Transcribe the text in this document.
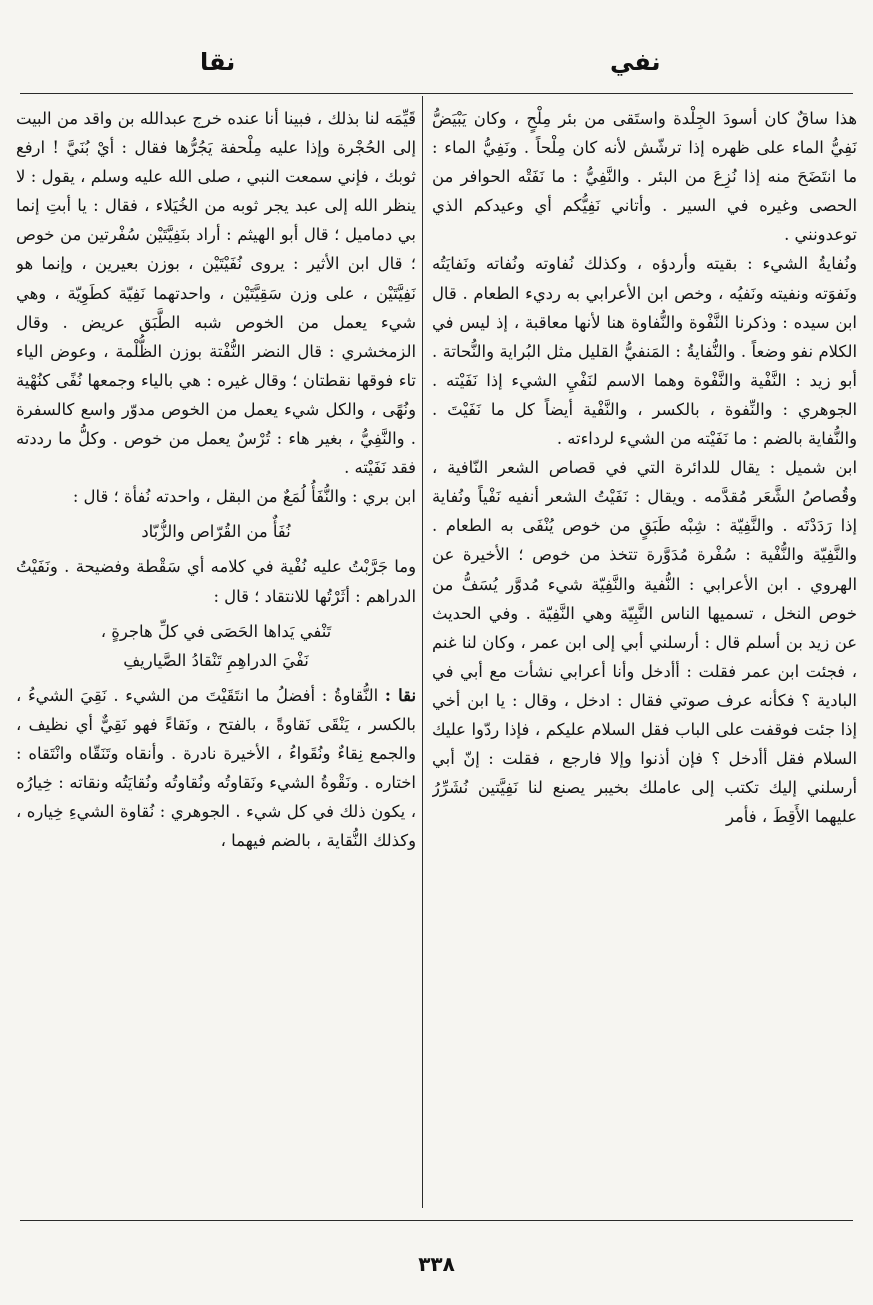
نفي
نقا

هذا ساقٌ كان أسودَ الجِلْدة واستَقى من بئر مِلْحٍ ، وكان يَبْيَضُّ نَفِيُّ الماء على ظهره إذا ترشّش لأنه كان مِلْحاً . ونَفِيُّ الماء : ما انتَضَحَ منه إذا نُزِعَ من البئر . والنَّفِيُّ : ما نَفَتْه الحوافر من الحصى وغيره في السير . وأتاني نَفِيُّكم أي وعيدكم الذي توعدونني .

ونُفايةُ الشيء : بقيته وأردؤه ، وكذلك نُفاوته ونُفاته ونَفايَتُه ونَفوَته ونفيته ونَفيُه ، وخص ابن الأعرابي به رديء الطعام . قال ابن سيده : وذكرنا النَّفْوة والنُّفاوة هنا لأنها معاقبة ، إذ ليس في الكلام نفو وضعاً . والنُّفايةُ : المَنفيُّ القليل مثل البُراية والنُّحاتة . أبو زيد : النَّفْية والنَّفْوة وهما الاسم لنَفْيِ الشيء إذا نَفَيْته . الجوهري : والنِّفوة ، بالكسر ، والنَّفْية أيضاً كل ما نَفَيْتَ . والنُّفاية بالضم : ما نَفَيْته من الشيء لرداءته .

ابن شميل : يقال للدائرة التي في قصاص الشعر النّافية ، وقُصاصُ الشَّعَر مُقدَّمه . ويقال : نَفَيْتُ الشعر أنفيه نَفْياً ونُفاية إذا رَدَدْتَه . والنَّفِيّة : شِبْه طَبَقٍ من خوص يُنْفَى به الطعام . والنَّفِيّة والنُّفْية : سُفْرة مُدَوَّرة تتخذ من خوص ؛ الأخيرة عن الهروي . ابن الأعرابي : النُّفية والنَّفِيّة شيء مُدوَّر يُسَفُّ من خوص النخل ، تسميها الناس النَّبِيّة وهي النَّفِيّة . وفي الحديث عن زيد بن أسلم قال : أرسلني أبي إلى ابن عمر ، وكان لنا غنم ، فجئت ابن عمر فقلت : أأدخل وأنا أعرابي نشأت مع أبي في البادية ؟ فكأنه عرف صوتي فقال : ادخل ، وقال : يا ابن أخي إذا جئت فوقفت على الباب فقل السلام عليكم ، فإذا ردّوا عليك السلام فقل أأدخل ؟ فإن أذنوا وإلا فارجع ، فقلت : إنّ أبي أرسلني إليك تكتب إلى عاملك بخيبر يصنع لنا نَفِيَّتين نُشَرِّرُ عليهما الأَقِطَ ، فأمر

قَيِّمَه لنا بذلك ، فبينا أنا عنده خرج عبدالله بن واقد من البيت إلى الحُجْرة وإذا عليه مِلْحفة يَجُرُّها فقال : أيْ بُنَيَّ ! ارفع ثوبك ، فإني سمعت النبي ، صلى الله عليه وسلم ، يقول : لا ينظر الله إلى عبد يجر ثوبه من الخُيَلاء ، فقال : يا أبتِ إنما بي دماميل ؛ قال أبو الهيثم : أراد بنَفِيَّتَيْن سُفْرتين من خوص ؛ قال ابن الأثير : يروى نُفَيْتَيْن ، بوزن بعيرين ، وإنما هو نَفِيَّتَيْن ، على وزن سَقِيَّتَيْن ، واحدتهما نَفِيّة كطَوِيّة ، وهي شيء يعمل من الخوص شبه الطَّبَق عريض . وقال الزمخشري : قال النضر النُّفْتة بوزن الظُّلْمة ، وعوض الياء تاء فوقها نقطتان ؛ وقال غيره : هي بالياء وجمعها نُفًى كنُهْية ونُهًى ، والكل شيء يعمل من الخوص مدوّر واسع كالسفرة . والنَّفِيُّ ، بغير هاء : تُرْسٌ يعمل من خوص . وكلُّ ما رددته فقد نَفَيْته .

ابن بري : والنُّفَأُ لُمَعٌ من البقل ، واحدته نُفأة ؛ قال :

نُفَأٌ من القُرّاص والزُّبّاد

وما جَرَّبْتُ عليه نُفْية في كلامه أي سَقْطة وفضيحة . ونَفَيْتُ الدراهم : أثَرْتُها للانتقاد ؛ قال :

تَنْفي يَداها الحَصَى في كلِّ هاجرةٍ ،
نَفْيَ الدراهِمِ تَنْقادُ الصَّياريفِ

نقا : النُّقاوةُ : أفضلُ ما انتَقَيْتَ من الشيء . نَقِيَ الشيءُ ، بالكسر ، يَنْقَى نَقاوةً ، بالفتح ، ونَقاءً فهو نَقِيٌّ أي نظيف ، والجمع نِقاءٌ ونُقَواءُ ، الأخيرة نادرة . وأنقاه وتَنَقّاه وانْتَقاه : اختاره . ونَقْوةُ الشيء ونَقاوتُه ونُقاوتُه ونُقايَتُه ونقاته : خِيارُه ، يكون ذلك في كل شيء . الجوهري : نُقاوة الشيءِ خِياره ، وكذلك النُّقاية ، بالضم فيهما ،

٣٣٨
